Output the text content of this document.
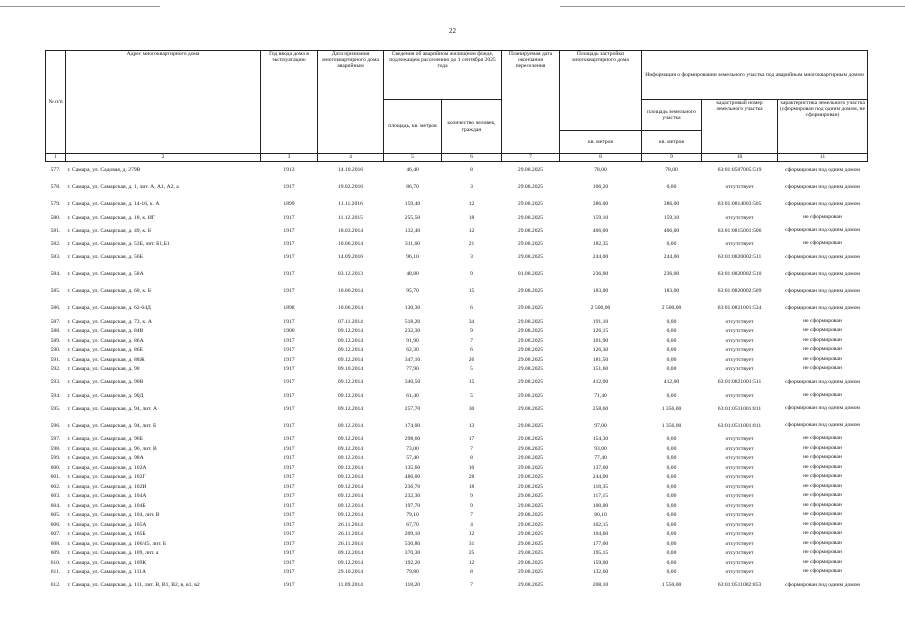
22
№ п/п	Адрес многоквартирного дома	Год ввода дома в эксплуатацию	Дата признания многоквартирного дома аварийным	Сведения об аварийном жилищном фонде, подлежащем расселению до 1 сентября 2025 года		Планируемая дата окончания переселения	Площадь застройки многоквартирного дома	Информация о формировании земельного участка под аварийным многоквартирным домом		
				площадь, кв. метров	количество человек, граждан			площадь земельного участка	кадастровый номер земельного участка	характеристика земельного участка (сформирован под одним домом, не сформирован)
							кв. метров	кв. метров		
1	2	3	4	5	6	7	8	9	10	11
577.	г. Самара, ул. Садовая, д. 279В	1913	14.10.2016	46,40	8	29.08.2025	78,00	78,00	63:01:0507005:519	сформирован под одним домом
578.	г. Самара, ул. Самарская, д. 1, лит. А, А1, А2, а	1917	19.02.2016	86,70	3	29.08.2025	106,20	0,00	отсутствует	сформирован под одним домом
579.	г. Самара, ул. Самарская, д. 14-16, к. А	1899	11.11.2016	159,40	12	29.08.2025	386,00	386,00	63:01:0814003:505	сформирован под одним домом
580.	г. Самара, ул. Самарская, д. 18, к. ИГ	1917	11.12.2015	255,50	18	29.08.2025	159,10	159,10	отсутствует	не сформирован
581.	г. Самара, ул. Самарская, д. 49, к. Б	1917	18.03.2014	132,40	12	29.08.2025	406,00	406,00	63:01:0815001:506	сформирован под одним домом
582.	г. Самара, ул. Самарская, д. 53Б, лит. Б1,Б1	1917	10.06.2014	311,60	21	29.08.2025	182,35	0,00	отсутствует	не сформирован
583.	г. Самара, ул. Самарская, д. 56Б	1917	14.09.2016	96,10	3	29.08.2025	244,00	244,00	63:01:0820002:511	сформирован под одним домом
584.	г. Самара, ул. Самарская, д. 58А	1917	03.12.2013	48,80	9	01.08.2025	236,00	236,00	63:01:0820002:510	сформирован под одним домом
585.	г. Самара, ул. Самарская, д. 60, к. Б	1917	10.06.2014	95,70	15	29.08.2025	183,00	183,00	63:01:0820002:509	сформирован под одним домом
586.	г. Самара, ул. Самарская, д. 62-64Д	1898	10.06.2014	130,30	6	29.08.2025	2 500,00	2 500,00	63:01:0821001:534	сформирован под одним домом
587.	г. Самара, ул. Самарская, д. 73, к. А	1917	07.11.2014	518,20	34	29.08.2025	191,10	0,00	отсутствует	не сформирован
588.	г. Самара, ул. Самарская, д. 84В	1900	09.12.2014	232,30	9	29.08.2025	126,15	0,00	отсутствует	не сформирован
589.	г. Самара, ул. Самарская, д. 86А	1917	09.12.2014	91,90	7	29.08.2025	101,90	0,00	отсутствует	не сформирован
590.	г. Самара, ул. Самарская, д. 86Б	1917	09.12.2014	62,30	6	29.08.2025	126,30	0,00	отсутствует	не сформирован
591.	г. Самара, ул. Самарская, д. 88Ж	1917	09.12.2014	347,10	26	29.08.2025	181,50	0,00	отсутствует	не сформирован
592.	г. Самара, ул. Самарская, д. 90	1917	09.10.2014	77,90	5	29.08.2025	151,60	0,00	отсутствует	не сформирован
593.	г. Самара, ул. Самарская, д. 90В	1917	09.12.2014	340,50	15	29.08.2025	412,00	412,00	63:01:0821001:511	сформирован под одним домом
594.	г. Самара, ул. Самарская, д. 90Д	1917	09.12.2014	61,40	5	29.08.2025	71,40	0,00	отсутствует	не сформирован
595.	г. Самара, ул. Самарская, д. 94, лит. А	1917	09.12.2014	257,70	30	29.08.2025	258,60	1 356,00	63:01:0511001:811	сформирован под одним домом
596.	г. Самара, ул. Самарская, д. 94, лит. Б	1917	09.12.2014	174,00	13	29.08.2025	97,00	1 356,00	63:01:0511001:811	сформирован под одним домом
597.	г. Самара, ул. Самарская, д. 96Б	1917	09.12.2014	298,60	17	29.08.2025	154,30	0,00	отсутствует	не сформирован
598.	г. Самара, ул. Самарская, д. 96, лит. В	1917	09.12.2014	73,00	7	29.08.2025	93,00	0,00	отсутствует	не сформирован
599.	г. Самара, ул. Самарская, д. 98А	1917	09.12.2014	57,40	8	29.08.2025	77,40	0,00	отсутствует	не сформирован
600.	г. Самара, ул. Самарская, д. 102А	1917	09.12.2014	135,60	10	29.08.2025	137,60	0,00	отсутствует	не сформирован
601.	г. Самара, ул. Самарская, д. 102Г	1917	09.12.2014	486,00	28	29.08.2025	244,00	0,00	отсутствует	не сформирован
602.	г. Самара, ул. Самарская, д. 102И	1917	09.12.2014	236,70	18	29.08.2025	118,35	0,00	отсутствует	не сформирован
603.	г. Самара, ул. Самарская, д. 104А	1917	09.12.2014	232,30	9	29.08.2025	117,15	0,00	отсутствует	не сформирован
604.	г. Самара, ул. Самарская, д. 104Б	1917	09.12.2014	197,70	9	29.08.2025	100,00	0,00	отсутствует	не сформирован
605.	г. Самара, ул. Самарская, д. 104, лит. В	1917	09.12.2014	79,10	7	29.08.2025	80,10	0,00	отсутствует	не сформирован
606.	г. Самара, ул. Самарская, д. 105А	1917	26.11.2014	67,70	4	29.08.2025	102,15	0,00	отсутствует	не сформирован
607.	г. Самара, ул. Самарская, д. 105Б	1917	26.11.2014	209,10	12	29.08.2025	104,60	0,00	отсутствует	не сформирован
608.	г. Самара, ул. Самарская, д. 106/45, лит. Б	1917	26.11.2014	530,80	31	29.08.2025	177,00	0,00	отсутствует	не сформирован
609.	г. Самара, ул. Самарская, д. 109, лит. а	1917	09.12.2014	370,30	25	29.08.2025	195,15	0,00	отсутствует	не сформирован
610.	г. Самара, ул. Самарская, д. 109К	1917	09.12.2014	192,20	12	29.08.2025	159,00	0,00	отсутствует	не сформирован
611.	г. Самара, ул. Самарская, д. 111А	1917	29.10.2014	79,80	8	29.08.2025	132,60	0,00	отсутствует	не сформирован
612.	г. Самара, ул. Самарская, д. 111, лит. В, В1, В2, в, в1, в2	1917	11.09.2014	118,20	7	29.08.2025	208,10	1 550,00	63:01:0511002:853	сформирован под одним домом
